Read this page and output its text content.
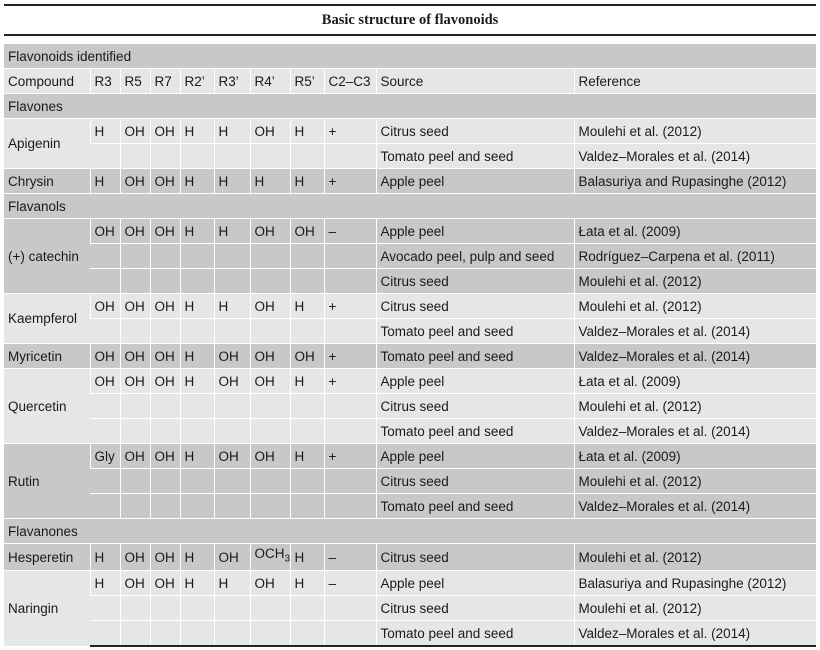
Basic structure of flavonoids										

Flavonoids identified										
Compound	R3	R5	R7	R2’	R3’	R4’	R5’	C2–C3	Source	Reference
Flavones										
Apigenin	H	OH	OH	H	H	OH	H	+	Citrus seed	Moulehi et al. (2012)
									Tomato peel and seed	Valdez–Morales et al. (2014)
Chrysin	H	OH	OH	H	H	H	H	+	Apple peel	Balasuriya and Rupasinghe (2012)
Flavanols										
(+) catechin	OH	OH	OH	H	H	OH	OH	–	Apple peel	Łata et al. (2009)
									Avocado peel, pulp and seed	Rodríguez–Carpena et al. (2011)
									Citrus seed	Moulehi et al. (2012)
Kaempferol	OH	OH	OH	H	H	OH	H	+	Citrus seed	Moulehi et al. (2012)
									Tomato peel and seed	Valdez–Morales et al. (2014)
Myricetin	OH	OH	OH	H	OH	OH	OH	+	Tomato peel and seed	Valdez–Morales et al. (2014)
Quercetin	OH	OH	OH	H	OH	OH	H	+	Apple peel	Łata et al. (2009)
									Citrus seed	Moulehi et al. (2012)
									Tomato peel and seed	Valdez–Morales et al. (2014)
Rutin	Gly	OH	OH	H	OH	OH	H	+	Apple peel	Łata et al. (2009)
									Citrus seed	Moulehi et al. (2012)
									Tomato peel and seed	Valdez–Morales et al. (2014)
Flavanones										
Hesperetin	H	OH	OH	H	OH	$OCH_3$	H	–	Citrus seed	Moulehi et al. (2012)
Naringin	H	OH	OH	H	H	OH	H	–	Apple peel	Balasuriya and Rupasinghe (2012)
									Citrus seed	Moulehi et al. (2012)
									Tomato peel and seed	Valdez–Morales et al. (2014)
